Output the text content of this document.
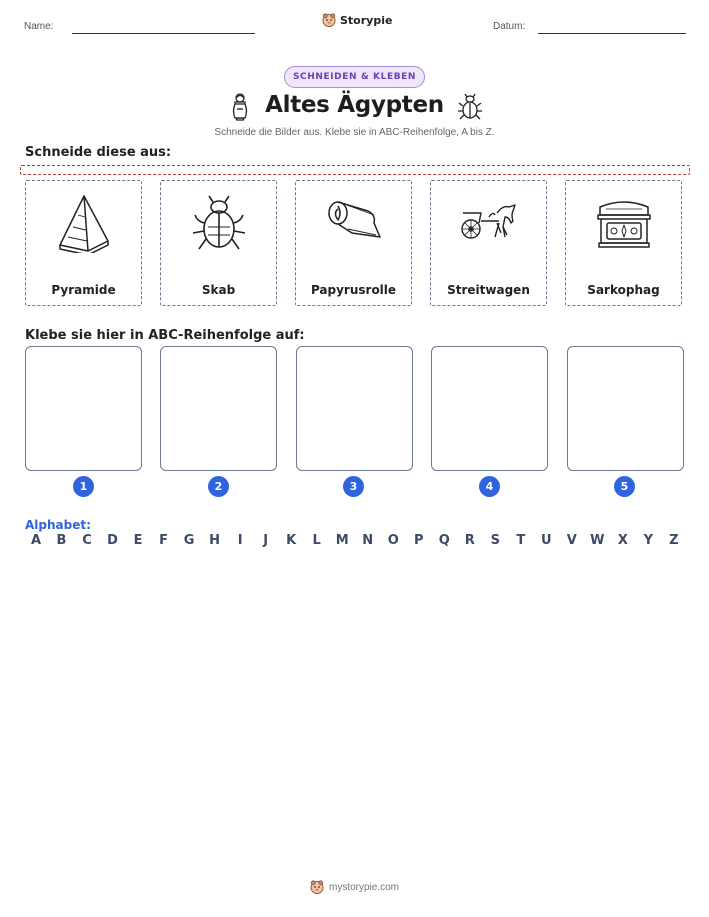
Name:	Storypie	Datum:
SCHNEIDEN & KLEBEN
Altes Ägypten
Schneide die Bilder aus. Klebe sie in ABC-Reihenfolge, A bis Z.
Schneide diese aus:
Pyramide	Skab	Papyrusrolle	Streitwagen	Sarkophag
Klebe sie hier in ABC-Reihenfolge auf:
1	2	3	4	5
Alphabet:
A	B	C	D	E	F	G	H	I	J	K	L	M	N	O	P	Q	R	S	T	U	V	W	X	Y	Z
mystorypie.com
